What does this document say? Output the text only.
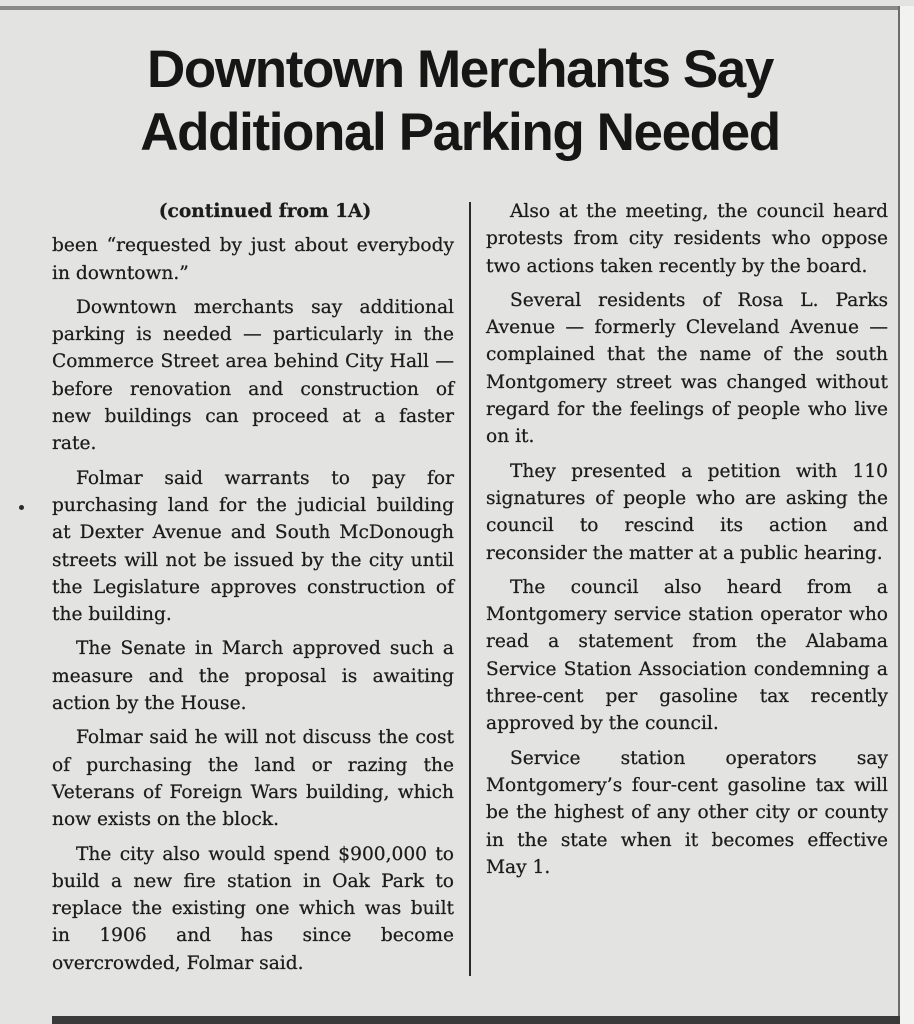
Downtown Merchants Say
Additional Parking Needed

(continued from 1A)

been “requested by just about everybody in downtown.”

Downtown merchants say additional parking is needed — particularly in the Commerce Street area behind City Hall — before renovation and construction of new buildings can proceed at a faster rate.

Folmar said warrants to pay for purchasing land for the judicial building at Dexter Avenue and South McDonough streets will not be issued by the city until the Legislature approves construction of the building.

The Senate in March approved such a measure and the proposal is awaiting action by the House.

Folmar said he will not discuss the cost of purchasing the land or razing the Veterans of Foreign Wars building, which now exists on the block.

The city also would spend $900,000 to build a new fire station in Oak Park to replace the existing one which was built in 1906 and has since become overcrowded, Folmar said.

Also at the meeting, the council heard protests from city residents who oppose two actions taken recently by the board.

Several residents of Rosa L. Parks Avenue — formerly Cleveland Avenue — complained that the name of the south Montgomery street was changed without regard for the feelings of people who live on it.

They presented a petition with 110 signatures of people who are asking the council to rescind its action and reconsider the matter at a public hearing.

The council also heard from a Montgomery service station operator who read a statement from the Alabama Service Station Association condemning a three-cent per gasoline tax recently approved by the council.

Service station operators say Montgomery’s four-cent gasoline tax will be the highest of any other city or county in the state when it becomes effective May 1.
